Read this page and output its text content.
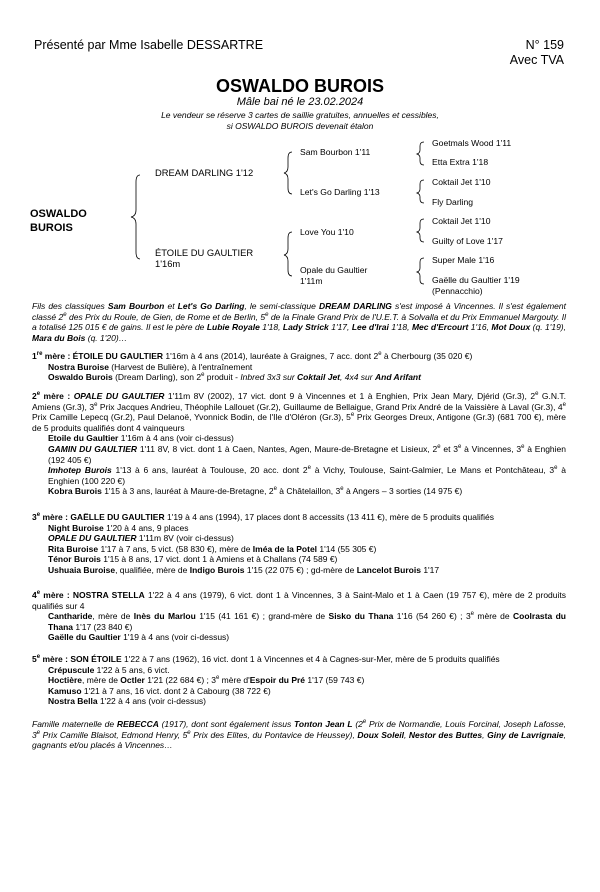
Présenté par Mme Isabelle DESSARTRE	N° 159
Avec TVA
OSWALDO BUROIS
Mâle bai né le 23.02.2024
Le vendeur se réserve 3 cartes de saillie gratuites, annuelles et cessibles,
si OSWALDO BUROIS devenait étalon
OSWALDO
BUROIS
DREAM DARLING 1'12
ÉTOILE DU GAULTIER
1'16m
Sam Bourbon 1'11
Let's Go Darling 1'13
Love You 1'10
Opale du Gaultier
1'11m
Goetmals Wood 1'11
Etta Extra 1'18
Coktail Jet 1'10
Fly Darling
Coktail Jet 1'10
Guilty of Love 1'17
Super Male 1'16
Gaëlle du Gaultier 1'19
(Pennacchio)

Fils des classiques Sam Bourbon et Let's Go Darling, le semi-classique DREAM DARLING s'est imposé à Vincennes. Il s'est également classé 2e des Prix du Roule, de Gien, de Rome et de Berlin, 5e de la Finale Grand Prix de l'U.E.T. à Solvalla et du Prix Emmanuel Margouty. Il a totalisé 125 015 € de gains. Il est le père de Lubie Royale 1'18, Lady Strick 1'17, Lee d'Irai 1'18, Mec d'Ercourt 1'16, Mot Doux (q. 1'19), Mara du Bois (q. 1'20)…

1re mère : ÉTOILE DU GAULTIER 1'16m à 4 ans (2014), lauréate à Graignes, 7 acc. dont 2e à Cherbourg (35 020 €)

Nostra Buroise (Harvest de Bulière), à l'entraînement

Oswaldo Burois (Dream Darling), son 2e produit - Inbred 3x3 sur Coktail Jet, 4x4 sur And Arifant

2e mère : OPALE DU GAULTIER 1'11m 8V (2002), 17 vict. dont 9 à Vincennes et 1 à Enghien, Prix Jean Mary, Djérid (Gr.3), 2e G.N.T. Amiens (Gr.3), 3e Prix Jacques Andrieu, Théophile Lallouet (Gr.2), Guillaume de Bellaigue, Grand Prix André de la Vaissière à Laval (Gr.3), 4e Prix Camille Lepecq (Gr.2), Paul Delanoë, Yvonnick Bodin, de l'Ile d'Oléron (Gr.3), 5e Prix Georges Dreux, Antigone (Gr.3) (681 700 €), mère de 5 produits qualifiés dont 4 vainqueurs

Etoile du Gaultier 1'16m à 4 ans (voir ci-dessus)

GAMIN DU GAULTIER 1'11 8V, 8 vict. dont 1 à Caen, Nantes, Agen, Maure-de-Bretagne et Lisieux, 2e et 3e à Vincennes, 3e à Enghien (192 405 €)

Imhotep Burois 1'13 à 6 ans, lauréat à Toulouse, 20 acc. dont 2e à Vichy, Toulouse, Saint-Galmier, Le Mans et Pontchâteau, 3e à Enghien (100 220 €)

Kobra Burois 1'15 à 3 ans, lauréat à Maure-de-Bretagne, 2e à Châtelaillon, 3e à Angers – 3 sorties (14 975 €)

3e mère : GAËLLE DU GAULTIER 1'19 à 4 ans (1994), 17 places dont 8 accessits (13 411 €), mère de 5 produits qualifiés

Night Buroise 1'20 à 4 ans, 9 places

OPALE DU GAULTIER 1'11m 8V (voir ci-dessus)

Rita Buroise 1'17 à 7 ans, 5 vict. (58 830 €), mère de Iméa de la Potel 1'14 (55 305 €)

Ténor Burois 1'15 à 8 ans, 17 vict. dont 1 à Amiens et à Challans (74 589 €)

Ushuaia Buroise, qualifiée, mère de Indigo Burois 1'15 (22 075 €) ; gd-mère de Lancelot Burois 1'17

4e mère : NOSTRA STELLA 1'22 à 4 ans (1979), 6 vict. dont 1 à Vincennes, 3 à Saint-Malo et 1 à Caen (19 757 €), mère de 2 produits qualifiés sur 4

Cantharide, mère de Inès du Marlou 1'15 (41 161 €) ; grand-mère de Sisko du Thana 1'16 (54 260 €) ; 3e mère de Coolrasta du Thana 1'17 (23 840 €)

Gaëlle du Gaultier 1'19 à 4 ans (voir ci-dessus)

5e mère : SON ÉTOILE 1'22 à 7 ans (1962), 16 vict. dont 1 à Vincennes et 4 à Cagnes-sur-Mer, mère de 5 produits qualifiés

Crépuscule 1'22 à 5 ans, 6 vict.

Hoctière, mère de Octler 1'21 (22 684 €) ; 3e mère d'Espoir du Pré 1'17 (59 743 €)

Kamuso 1'21 à 7 ans, 16 vict. dont 2 à Cabourg (38 722 €)

Nostra Bella 1'22 à 4 ans (voir ci-dessus)

Famille maternelle de REBECCA (1917), dont sont également issus Tonton Jean L (2e Prix de Normandie, Louis Forcinal, Joseph Lafosse, 3e Prix Camille Blaisot, Edmond Henry, 5e Prix des Elites, du Pontavice de Heussey), Doux Soleil, Nestor des Buttes, Giny de Lavrignaie, gagnants et/ou placés à Vincennes…
